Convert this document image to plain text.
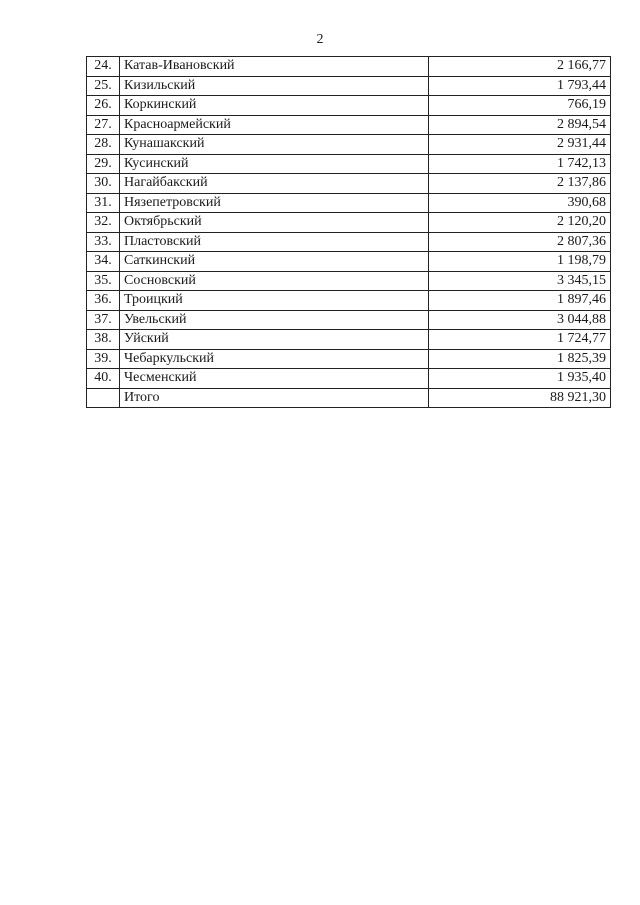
2
24.	Катав-Ивановский	2 166,77
25.	Кизильский	1 793,44
26.	Коркинский	766,19
27.	Красноармейский	2 894,54
28.	Кунашакский	2 931,44
29.	Кусинский	1 742,13
30.	Нагайбакский	2 137,86
31.	Нязепетровский	390,68
32.	Октябрьский	2 120,20
33.	Пластовский	2 807,36
34.	Саткинский	1 198,79
35.	Сосновский	3 345,15
36.	Троицкий	1 897,46
37.	Увельский	3 044,88
38.	Уйский	1 724,77
39.	Чебаркульский	1 825,39
40.	Чесменский	1 935,40
	Итого	88 921,30
